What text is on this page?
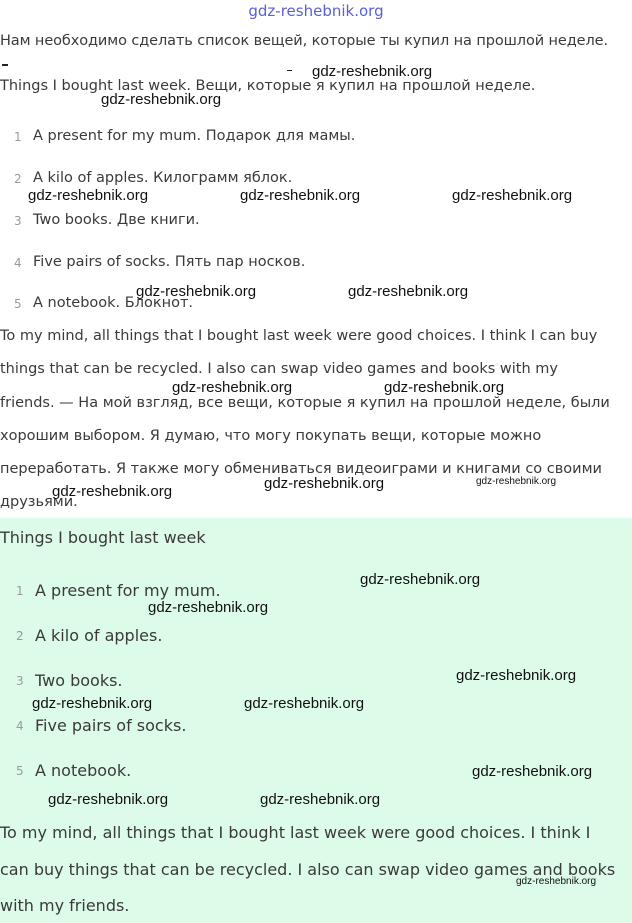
Нам необходимо сделать список вещей, которые ты купил на прошлой неделе.
Things I bought last week. Вещи, которые я купил на прошлой неделе.
1 A present for my mum. Подарок для мамы.
2 A kilo of apples. Килограмм яблок.
3 Two books. Две книги.
4 Five pairs of socks. Пять пар носков.
5 A notebook. Блокнот.
To my mind, all things that I bought last week were good choices. I think I can buy
things that can be recycled. I also can swap video games and books with my
friends. — На мой взгляд, все вещи, которые я купил на прошлой неделе, были
хорошим выбором. Я думаю, что могу покупать вещи, которые можно
переработать. Я также могу обмениваться видеоиграми и книгами со своими
друзьями.
Things I bought last week
1 A present for my mum.
2 A kilo of apples.
3 Two books.
4 Five pairs of socks.
5 A notebook.
To my mind, all things that I bought last week were good choices. I think I
can buy things that can be recycled. I also can swap video games and books
with my friends.
gdz-reshebnik.org
gdz-reshebnik.org
gdz-reshebnik.org
gdz-reshebnik.org	gdz-reshebnik.org	gdz-reshebnik.org
gdz-reshebnik.org	gdz-reshebnik.org
gdz-reshebnik.org	gdz-reshebnik.org
gdz-reshebnik.org	gdz-reshebnik.org	gdz-reshebnik.org
gdz-reshebnik.org
gdz-reshebnik.org
gdz-reshebnik.org
gdz-reshebnik.org	gdz-reshebnik.org
gdz-reshebnik.org
gdz-reshebnik.org	gdz-reshebnik.org
gdz-reshebnik.org
